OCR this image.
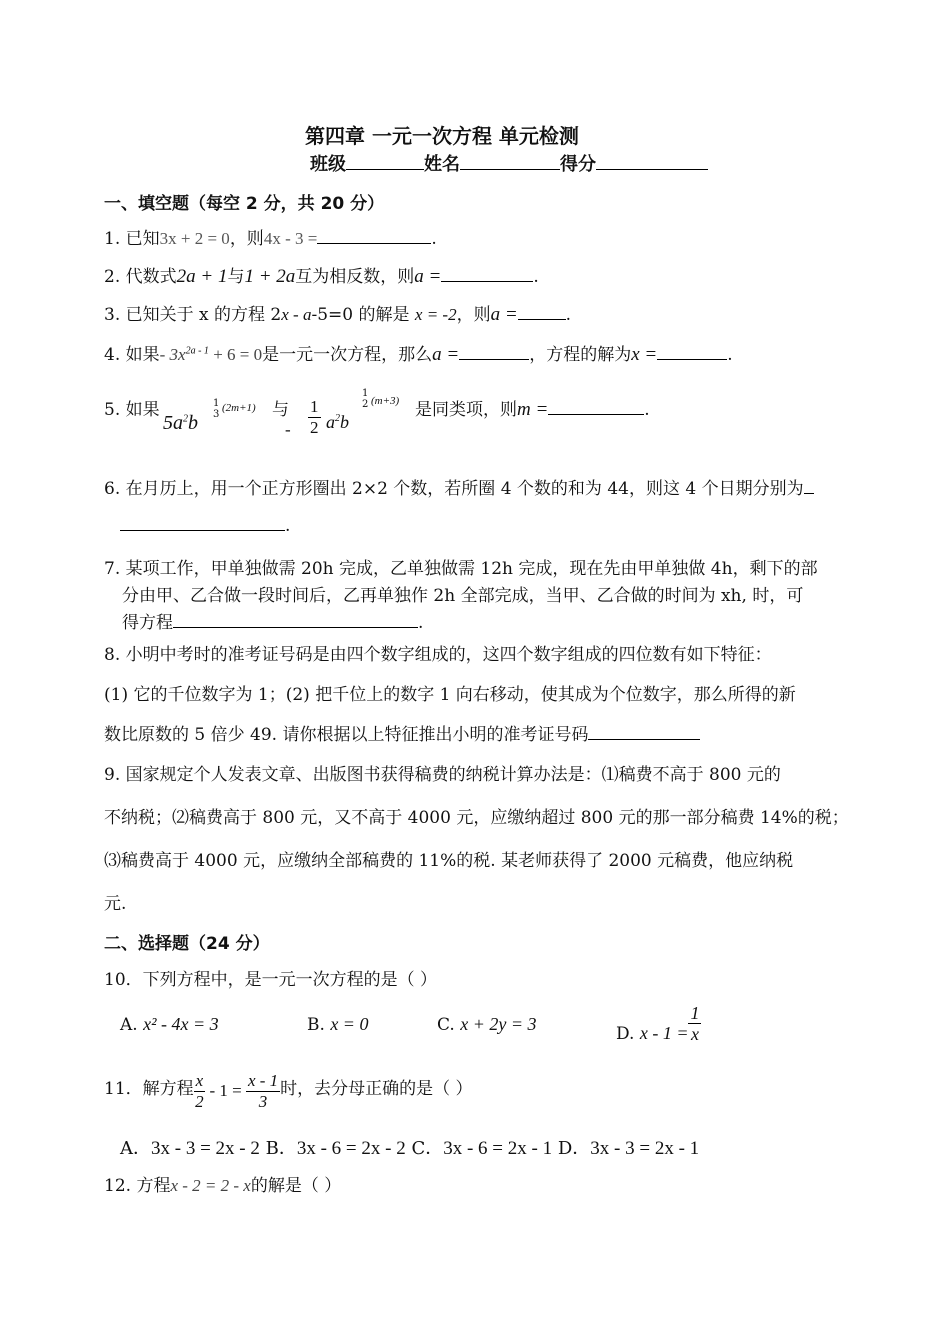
第四章 一元一次方程 单元检测
班级	姓名	得分
一、填空题（每空 2 分，共 20 分）
1. 已知3x + 2 = 0，则4x - 3 =	.
2. 代数式2a + 1与1 + 2a互为相反数，则a =	.
3. 已知关于 x 的方程 2x - a-5=0 的解是 x = -2，则a =	.
4. 如果- $3x^{2a - 1} + 6 = 0$是一元一次方程，那么a =	，方程的解为x =	.
5. 如果
$5a^2b$
1
3
(2m+1) 与
- $\frac{1}{2} a^2b$
1
2 (m+3) 是同类项，则m =	.
6. 在月历上，用一个正方形圈出 2×2 个数，若所圈 4 个数的和为 44，则这 4 个日期分别为
.
7. 某项工作，甲单独做需 20h 完成，乙单独做需 12h 完成，现在先由甲单独做 4h，剩下的部
分由甲、乙合做一段时间后，乙再单独作 2h 全部完成，当甲、乙合做的时间为 xh, 时，可
得方程	.
8. 小明中考时的准考证号码是由四个数字组成的，这四个数字组成的四位数有如下特征：
(1) 它的千位数字为 1；(2) 把千位上的数字 1 向右移动，使其成为个位数字，那么所得的新
数比原数的 5 倍少 49. 请你根据以上特征推出小明的准考证号码
9. 国家规定个人发表文章、出版图书获得稿费的纳税计算办法是：⑴稿费不高于 800 元的
不纳税；⑵稿费高于 800 元，又不高于 4000 元，应缴纳超过 800 元的那一部分稿费 14%的税；
⑶稿费高于 4000 元，应缴纳全部稿费的 11%的税. 某老师获得了 2000 元稿费，他应纳税
元.
二、选择题（24 分）
10．下列方程中，是一元一次方程的是（ ）
A. x² - 4x = 3	B. x = 0	C. x + 2y = 3	D. $x - 1 = \frac{1}{x}$
11．解方程 $\frac{x}{2} - 1 = \frac{x - 1}{3}$ 时，去分母正确的是（ ）
A．3x - 3 = 2x - 2 B．3x - 6 = 2x - 2 C．3x - 6 = 2x - 1 D．3x - 3 = 2x - 1
12. 方程x - 2 = 2 - x的解是（ ）
